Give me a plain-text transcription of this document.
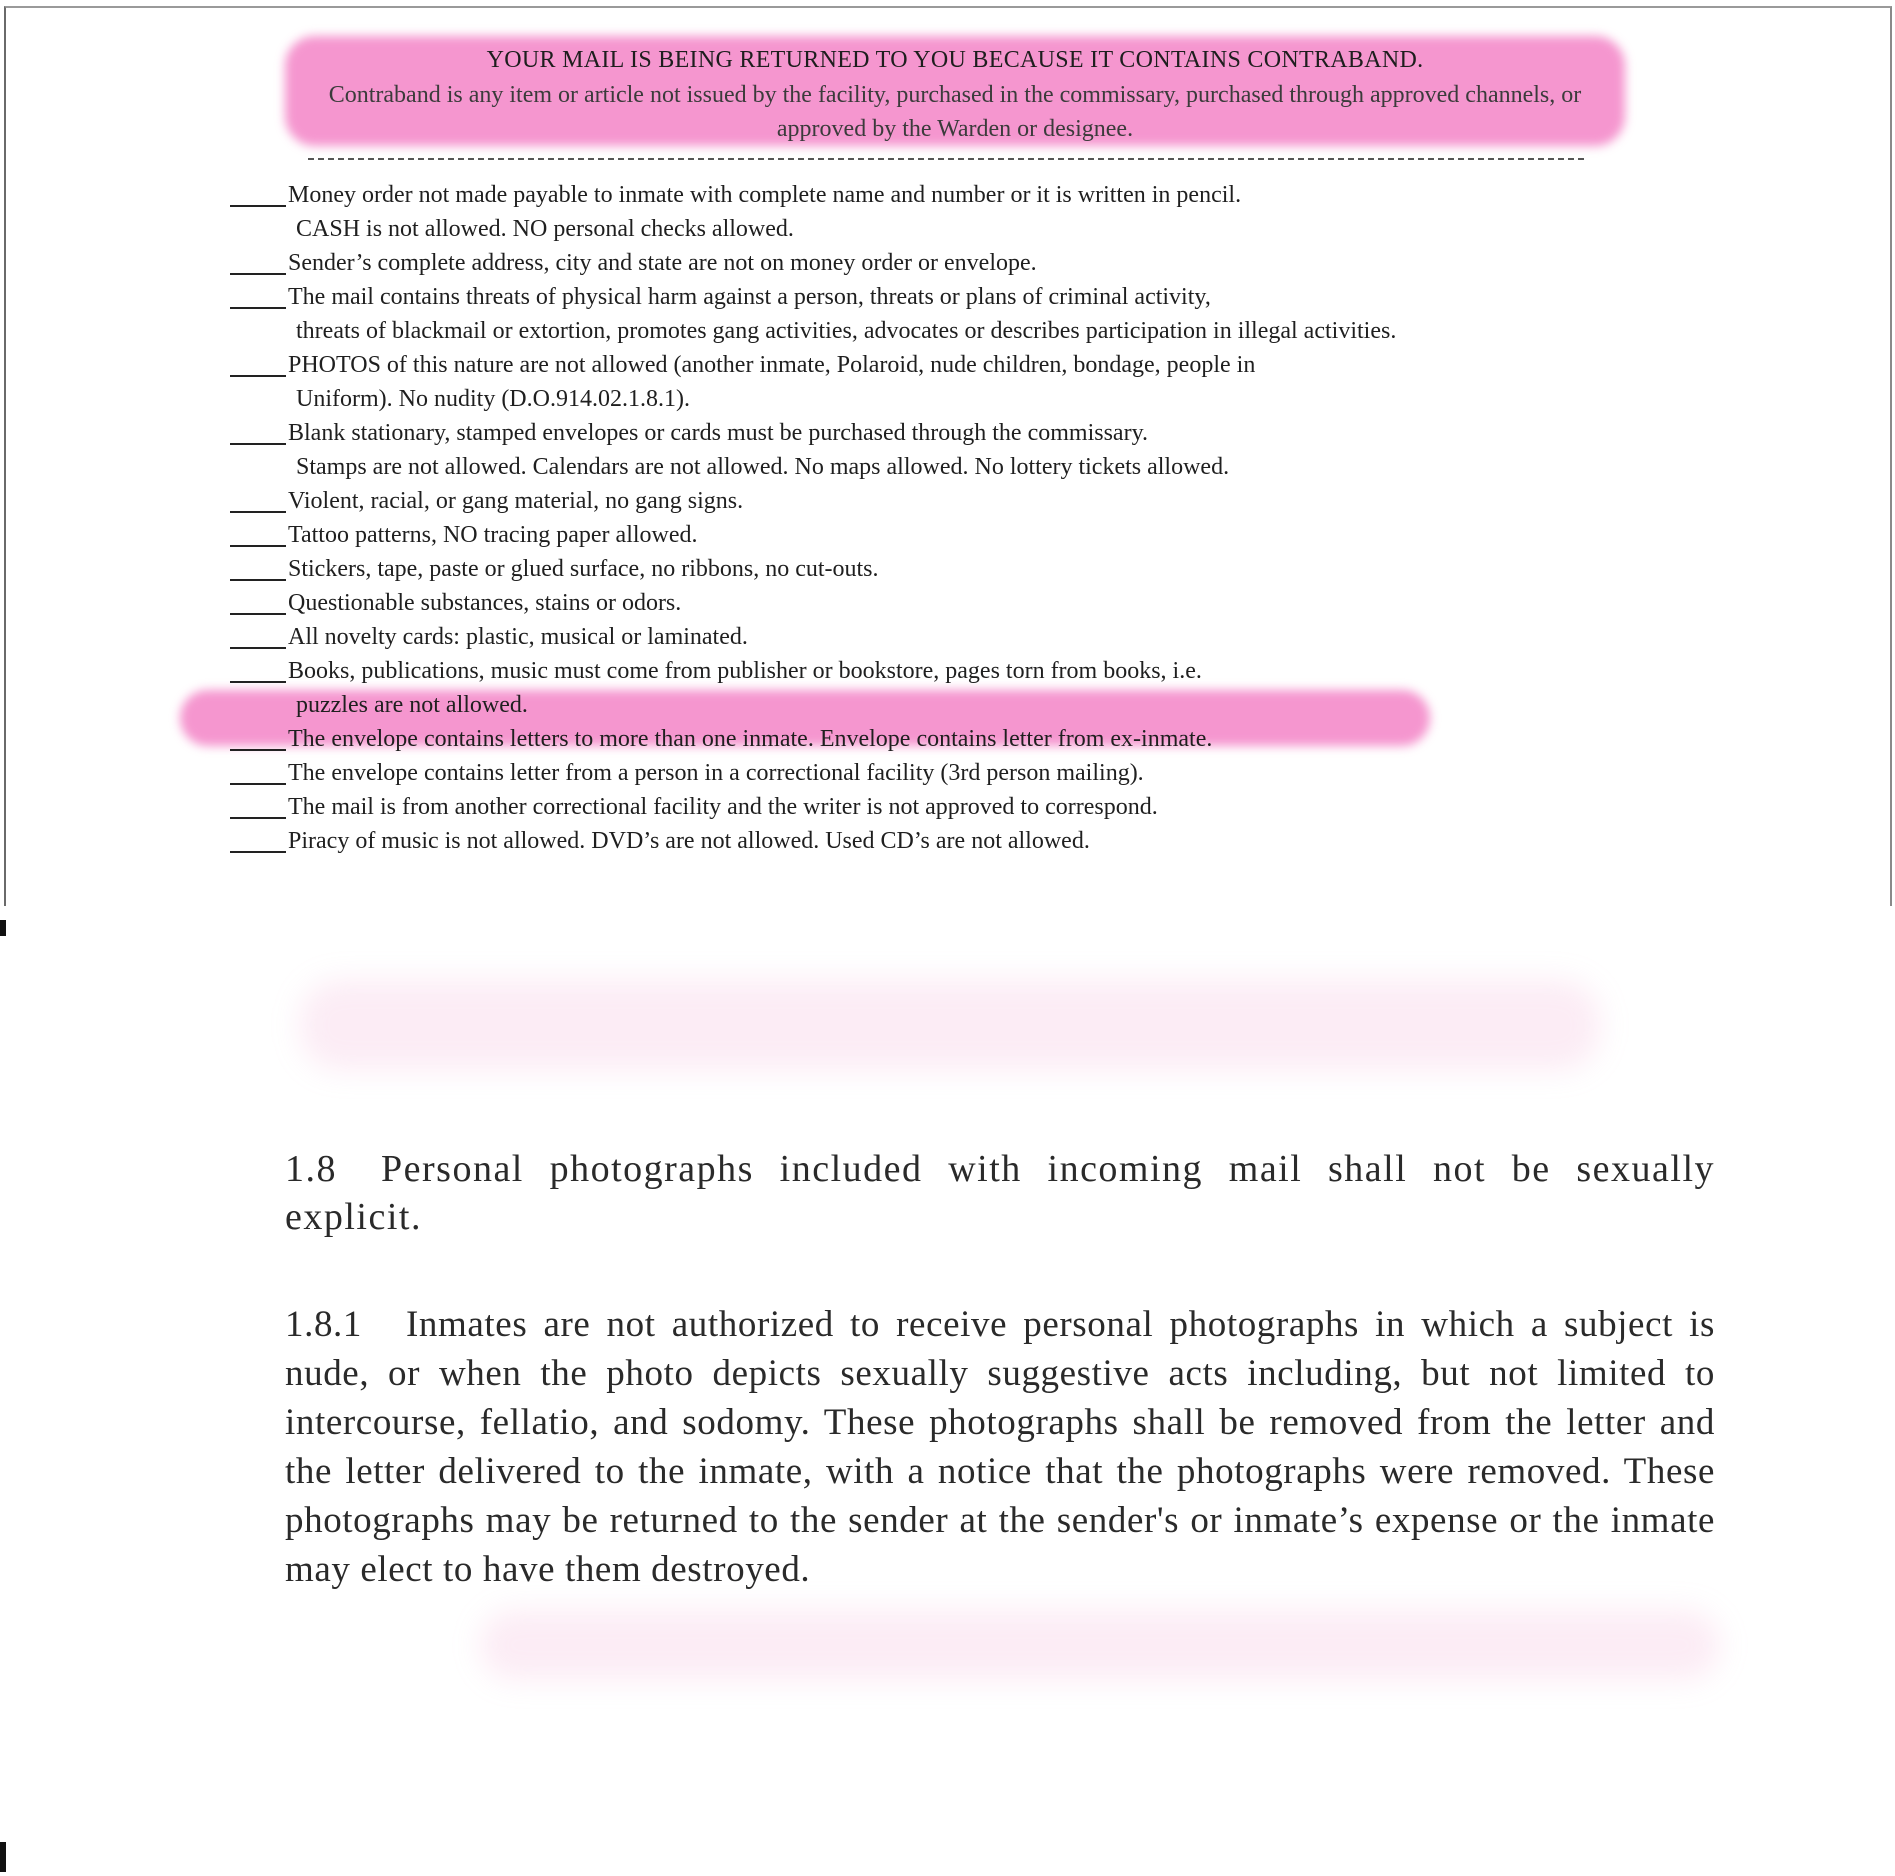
YOUR MAIL IS BEING RETURNED TO YOU BECAUSE IT CONTAINS CONTRABAND.
Contraband is any item or article not issued by the facility, purchased in the commissary, purchased through approved channels, or approved by the Warden or designee.
Money order not made payable to inmate with complete name and number or it is written in pencil.
CASH is not allowed. NO personal checks allowed.
Sender’s complete address, city and state are not on money order or envelope.
The mail contains threats of physical harm against a person, threats or plans of criminal activity,
threats of blackmail or extortion, promotes gang activities, advocates or describes participation in illegal activities.
PHOTOS of this nature are not allowed (another inmate, Polaroid, nude children, bondage, people in
Uniform). No nudity (D.O.914.02.1.8.1).
Blank stationary, stamped envelopes or cards must be purchased through the commissary.
Stamps are not allowed. Calendars are not allowed. No maps allowed. No lottery tickets allowed.
Violent, racial, or gang material, no gang signs.
Tattoo patterns, NO tracing paper allowed.
Stickers, tape, paste or glued surface, no ribbons, no cut-outs.
Questionable substances, stains or odors.
All novelty cards: plastic, musical or laminated.
Books, publications, music must come from publisher or bookstore, pages torn from books, i.e.
puzzles are not allowed.
The envelope contains letters to more than one inmate. Envelope contains letter from ex-inmate.
The envelope contains letter from a person in a correctional facility (3rd person mailing).
The mail is from another correctional facility and the writer is not approved to correspond.
Piracy of music is not allowed. DVD’s are not allowed. Used CD’s are not allowed.
1.8 Personal photographs included with incoming mail shall not be sexually explicit.
1.8.1 Inmates are not authorized to receive personal photographs in which a subject is nude, or when the photo depicts sexually suggestive acts including, but not limited to intercourse, fellatio, and sodomy. These photographs shall be removed from the letter and the letter delivered to the inmate, with a notice that the photographs were removed. These photographs may be returned to the sender at the sender's or inmate’s expense or the inmate may elect to have them destroyed.
